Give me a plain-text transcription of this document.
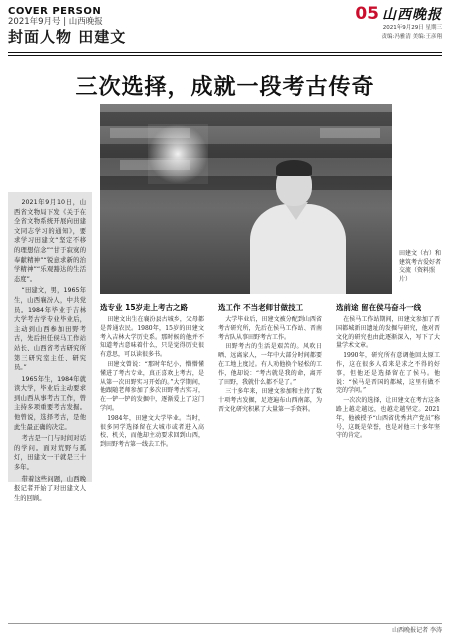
COVER PERSON
2021年9月号 | 山西晚报
封面人物 田建文
05 山西晚报
2021年9月29日 星期三
责编:冯雅清 美编:王彦翔
三次选择，成就一段考古传奇
田建文（右）和建筑考古爱好者交流（资料照片）

2021年9月10日，山西省文物局下发《关于在全省文物系统开展向田建文同志学习的通知》，要求学习田建文“坚定不移的理想信念”“甘于寂寞的奉献精神”“锐意求新的治学精神”“乐观豁达的生活态度”。

“田建文，男，1965年生，山西襄汾人，中共党员。1984年毕业于吉林大学考古学专业毕业后，主动到山西参加田野考古，先后担任侯马工作站站长、山西省考古研究所第三研究室主任、研究员。”

1965年生，1984年就读大学，毕业后主动要求到山西从事考古工作，曾主持多项重要考古发掘。他曾说，选择考古，是他此生最正确的决定。

考古是一门与时间对话的学问。面对荒野与孤灯，田建文一干就是三十多年。

带着这些问题，山西晚报记者开始了对田建文人生的回顾。

选专业 15岁走上考古之路

田建文出生在襄汾县古城乡，父母都是普通农民。1980年，15岁的田建文考入吉林大学历史系。那时候的他并不知道考古意味着什么，只是觉得历史很有意思，可以读很多书。

田建文曾说：“那时年纪小，懵懵懂懂进了考古专业，真正喜欢上考古，是从第一次田野实习开始的。”大学期间，他跟随老师参加了多次田野考古实习，在一铲一铲的发掘中，逐渐爱上了这门学问。

1984年，田建文大学毕业。当时，很多同学选择留在大城市或者进入高校、机关，而他却主动要求回到山西，到田野考古第一线去工作。

选工作 不当老师甘做技工

大学毕业后，田建文被分配到山西省考古研究所，先后在侯马工作站、晋南考古队从事田野考古工作。

田野考古的生活是艰苦的。风吹日晒、远离家人，一年中大部分时间都要在工地上度过。有人劝他换个轻松的工作，他却说：“考古就是我的命，离开了田野，我就什么都不是了。”

三十多年来，田建文参加和主持了数十项考古发掘，足迹遍布山西南部，为晋文化研究积累了大量第一手资料。

选前途 留在侯马奋斗一线

在侯马工作站期间，田建文参加了晋国都城新田遗址的发掘与研究，他对晋文化的研究也由此逐渐深入，写下了大量学术文章。

1990年，研究所有意调他回太原工作，这在很多人看来是求之不得的好事，但他还是选择留在了侯马。他说：“侯马是晋国的都城，这里有做不完的学问。”

一次次的选择，让田建文在考古这条路上越走越远，也越走越坚定。2021年，他被授予“山西省优秀共产党员”称号，这既是荣誉，也是对他三十多年坚守的肯定。

山西晚报记者 李涛
